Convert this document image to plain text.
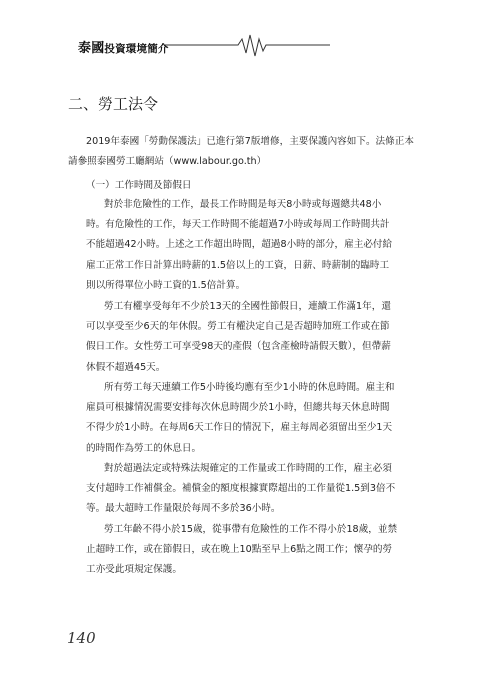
泰國投資環境簡介
二、勞工法令
2019年泰國「勞動保護法」已進行第7版增修，主要保護內容如下。法條正本
請參照泰國勞工廳網站（www.labour.go.th）
（一）工作時間及節假日
對於非危險性的工作，最長工作時間是每天8小時或每週總共48小
時。有危險性的工作，每天工作時間不能超過7小時或每周工作時間共計
不能超過42小時。上述之工作超出時間，超過8小時的部分，雇主必付給
雇工正常工作日計算出時薪的1.5倍以上的工資，日薪、時薪制的臨時工
則以所得單位小時工資的1.5倍計算。
勞工有權享受每年不少於13天的全國性節假日，連續工作滿1年，還
可以享受至少6天的年休假。勞工有權決定自己是否超時加班工作或在節
假日工作。女性勞工可享受98天的產假（包含產檢時請假天數），但帶薪
休假不超過45天。
所有勞工每天連續工作5小時後均應有至少1小時的休息時間。雇主和
雇員可根據情況需要安排每次休息時間少於1小時，但總共每天休息時間
不得少於1小時。在每周6天工作日的情況下，雇主每周必須留出至少1天
的時間作為勞工的休息日。
對於超過法定或特殊法規確定的工作量或工作時間的工作，雇主必須
支付超時工作補償金。補償金的額度根據實際超出的工作量從1.5到3倍不
等。最大超時工作量限於每周不多於36小時。
勞工年齡不得小於15歲，從事帶有危險性的工作不得小於18歲，並禁
止超時工作，或在節假日，或在晚上10點至早上6點之間工作；懷孕的勞
工亦受此項規定保護。
140
